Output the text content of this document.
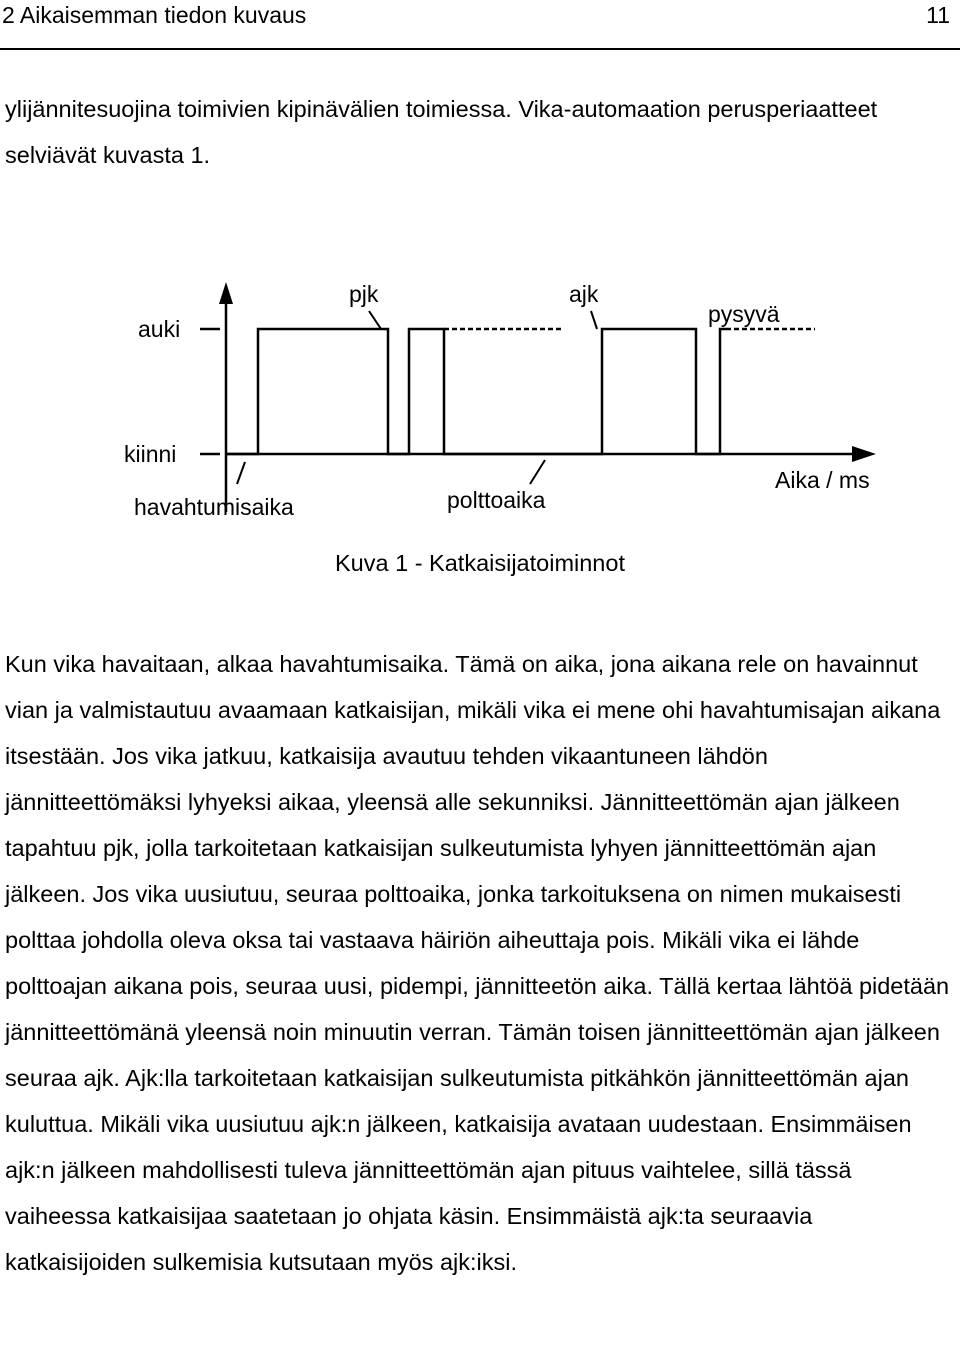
2 Aikaisemman tiedon kuvaus	11

ylijännitesuojina toimivien kipinävälien toimiessa. Vika-automaation perusperiaatteet selviävät kuvasta 1.

auki
kiinni
pjk	ajk
pysyvä
havahtumisaika	polttoaika
Aika / ms
Kuva 1 - Katkaisijatoiminnot

Kun vika havaitaan, alkaa havahtumisaika. Tämä on aika, jona aikana rele on havainnut vian ja valmistautuu avaamaan katkaisijan, mikäli vika ei mene ohi havahtumisajan aikana itsestään. Jos vika jatkuu, katkaisija avautuu tehden vikaantuneen lähdön jännitteettömäksi lyhyeksi aikaa, yleensä alle sekunniksi. Jännitteettömän ajan jälkeen tapahtuu pjk, jolla tarkoitetaan katkaisijan sulkeutumista lyhyen jännitteettömän ajan jälkeen. Jos vika uusiutuu, seuraa polttoaika, jonka tarkoituksena on nimen mukaisesti polttaa johdolla oleva oksa tai vastaava häiriön aiheuttaja pois. Mikäli vika ei lähde polttoajan aikana pois, seuraa uusi, pidempi, jännitteetön aika. Tällä kertaa lähtöä pidetään jännitteettömänä yleensä noin minuutin verran. Tämän toisen jännitteettömän ajan jälkeen seuraa ajk. Ajk:lla tarkoitetaan katkaisijan sulkeutumista pitkähkön jännitteettömän ajan kuluttua. Mikäli vika uusiutuu ajk:n jälkeen, katkaisija avataan uudestaan. Ensimmäisen ajk:n jälkeen mahdollisesti tuleva jännitteettömän ajan pituus vaihtelee, sillä tässä vaiheessa katkaisijaa saatetaan jo ohjata käsin. Ensimmäistä ajk:ta seuraavia katkaisijoiden sulkemisia kutsutaan myös ajk:iksi.
